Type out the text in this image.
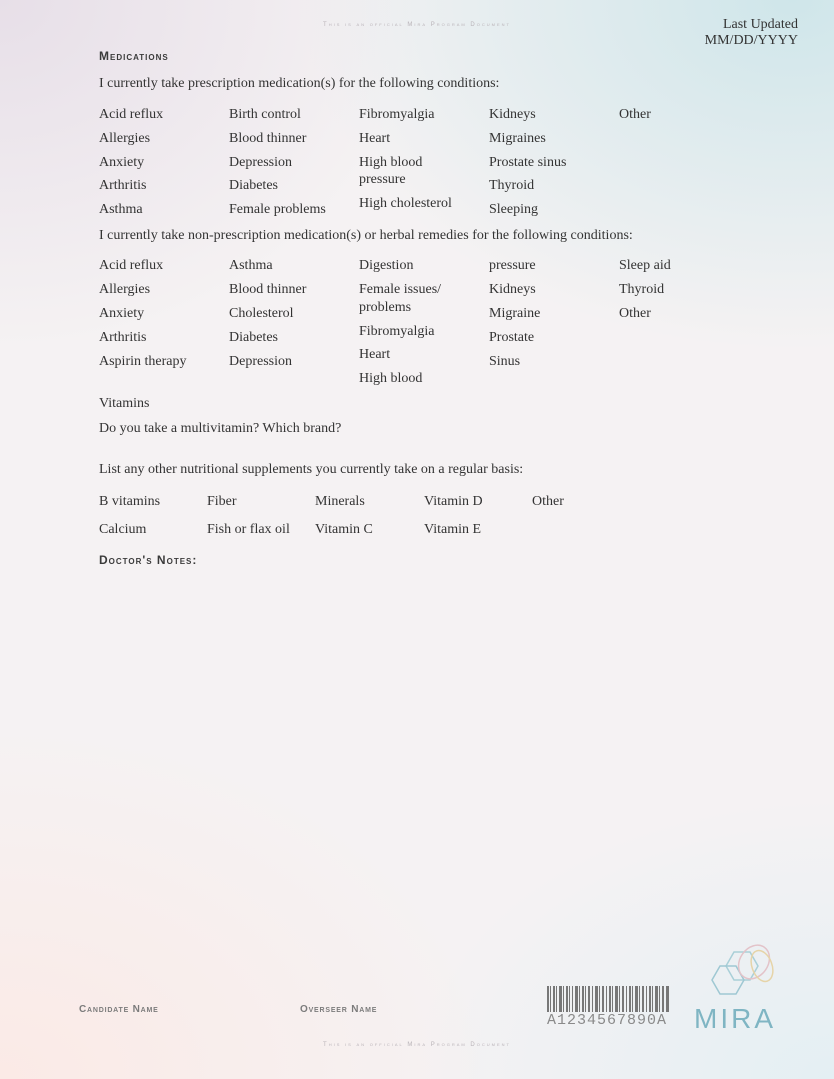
This is an official Mira Program Document	Last Updated
MM/DD/YYYY
Medications
I currently take prescription medication(s) for the following conditions:
Acid reflux
Allergies
Anxiety
Arthritis
Asthma
Birth control
Blood thinner
Depression
Diabetes
Female problems
Fibromyalgia
Heart
High blood
pressure
High cholesterol
Kidneys
Migraines
Prostate sinus
Thyroid
Sleeping
Other
I currently take non-prescription medication(s) or herbal remedies for the following conditions:
Acid reflux
Allergies
Anxiety
Arthritis
Aspirin therapy
Asthma
Blood thinner
Cholesterol
Diabetes
Depression
Digestion
Female issues/
problems
Fibromyalgia
Heart
High blood
pressure
Kidneys
Migraine
Prostate
Sinus
Sleep aid
Thyroid
Other
Vitamins
Do you take a multivitamin? Which brand?
List any other nutritional supplements you currently take on a regular basis:
B vitamins
Calcium
Fiber
Fish or flax oil
Minerals
Vitamin C
Vitamin D
Vitamin E
Other
Doctor's Notes:
Candidate Name	Overseer Name
A1234567890A MIRA
This is an official Mira Program Document
